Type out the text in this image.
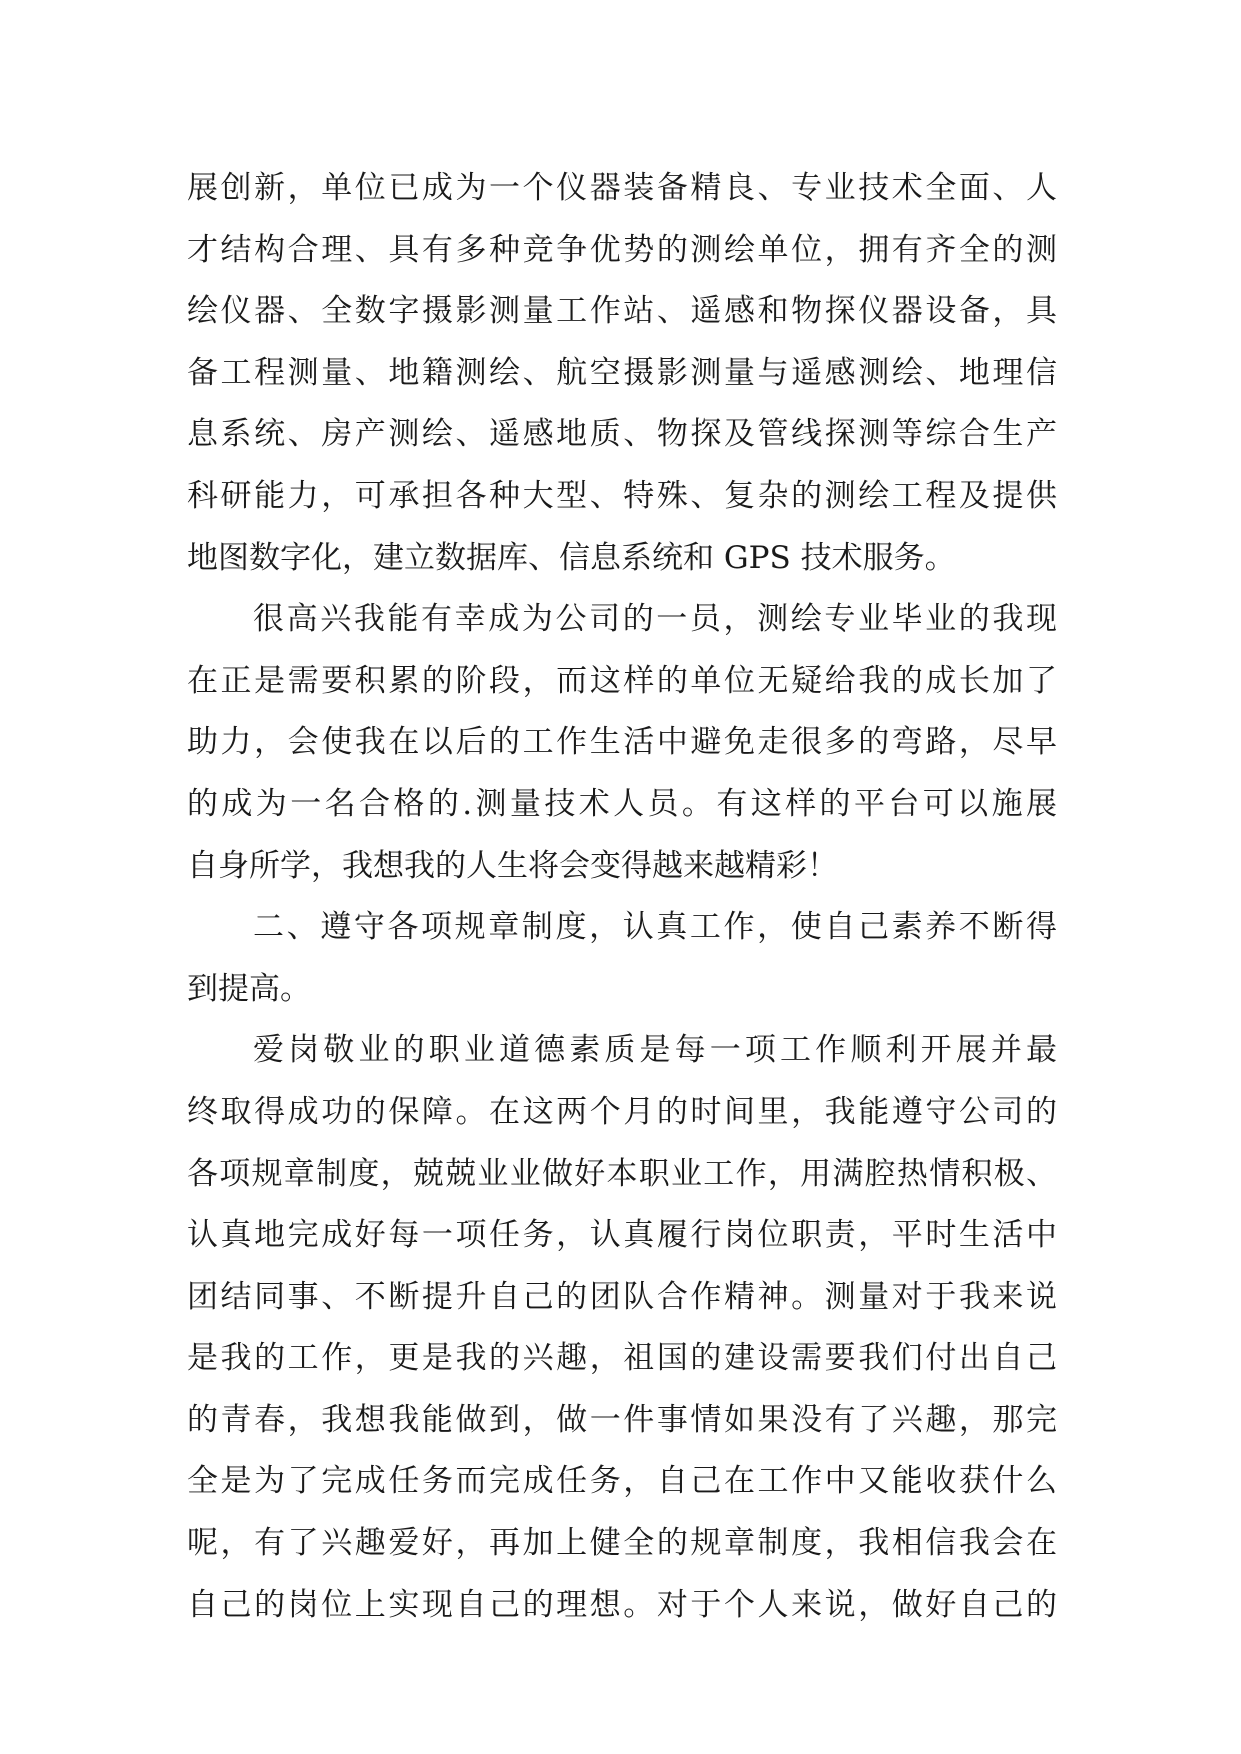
展创新，单位已成为一个仪器装备精良、专业技术全面、人
才结构合理、具有多种竞争优势的测绘单位，拥有齐全的测
绘仪器、全数字摄影测量工作站、遥感和物探仪器设备，具
备工程测量、地籍测绘、航空摄影测量与遥感测绘、地理信
息系统、房产测绘、遥感地质、物探及管线探测等综合生产
科研能力，可承担各种大型、特殊、复杂的测绘工程及提供
地图数字化，建立数据库、信息系统和 GPS 技术服务。
很高兴我能有幸成为公司的一员，测绘专业毕业的我现
在正是需要积累的阶段，而这样的单位无疑给我的成长加了
助力，会使我在以后的工作生活中避免走很多的弯路，尽早
的成为一名合格的.测量技术人员。有这样的平台可以施展
自身所学，我想我的人生将会变得越来越精彩！
二、遵守各项规章制度，认真工作，使自己素养不断得
到提高。
爱岗敬业的职业道德素质是每一项工作顺利开展并最
终取得成功的保障。在这两个月的时间里，我能遵守公司的
各项规章制度，兢兢业业做好本职业工作，用满腔热情积极、
认真地完成好每一项任务，认真履行岗位职责，平时生活中
团结同事、不断提升自己的团队合作精神。测量对于我来说
是我的工作，更是我的兴趣，祖国的建设需要我们付出自己
的青春，我想我能做到，做一件事情如果没有了兴趣，那完
全是为了完成任务而完成任务，自己在工作中又能收获什么
呢，有了兴趣爱好，再加上健全的规章制度，我相信我会在
自己的岗位上实现自己的理想。对于个人来说，做好自己的
